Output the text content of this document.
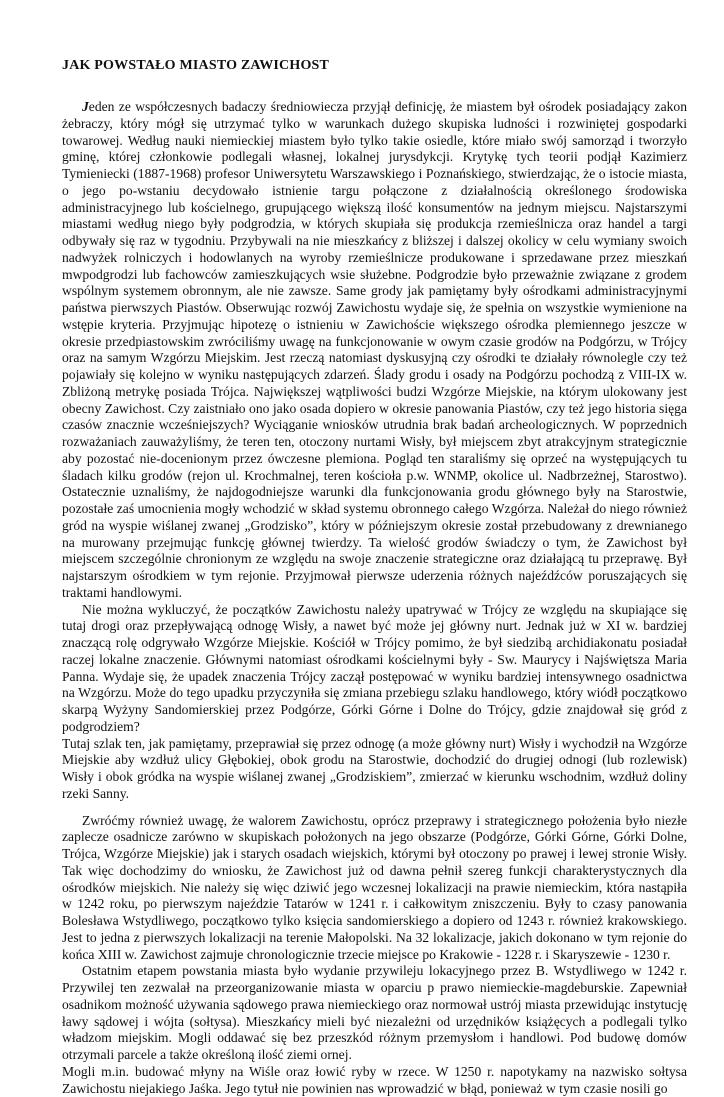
JAK POWSTAŁO MIASTO ZAWICHOST

Jeden ze współczesnych badaczy średniowiecza przyjął definicję, że miastem był ośrodek posiadający zakon żebraczy, który mógł się utrzymać tylko w warunkach dużego skupiska ludności i rozwiniętej gospodarki towarowej. Według nauki niemieckiej miastem było tylko takie osiedle, które miało swój samorząd i tworzyło gminę, której członkowie podlegali własnej, lokalnej jurysdykcji. Krytykę tych teorii podjął Kazimierz Tymieniecki (1887-1968) profesor Uniwersytetu Warszawskiego i Poznańskiego, stwierdzając, że o istocie miasta, o jego po-wstaniu decydowało istnienie targu połączone z działalnością określonego środowiska administracyjnego lub kościelnego, grupującego większą ilość konsumentów na jednym miejscu. Najstarszymi miastami według niego były podgrodzia, w których skupiała się produkcja rzemieślnicza oraz handel a targi odbywały się raz w tygodniu. Przybywali na nie mieszkańcy z bliższej i dalszej okolicy w celu wymiany swoich nadwyżek rolniczych i hodowlanych na wyroby rzemieślnicze produkowane i sprzedawane przez mieszkań mwpodgrodzi lub fachowców zamieszkujących wsie służebne. Podgrodzie było przeważnie związane z grodem wspólnym systemem obronnym, ale nie zawsze. Same grody jak pamiętamy były ośrodkami administracyjnymi państwa pierwszych Piastów. Obserwując rozwój Zawichostu wydaje się, że spełnia on wszystkie wymienione na wstępie kryteria. Przyjmując hipotezę o istnieniu w Zawichoście większego ośrodka plemiennego jeszcze w okresie przedpiastowskim zwróciliśmy uwagę na funkcjonowanie w owym czasie grodów na Podgórzu, w Trójcy oraz na samym Wzgórzu Miejskim. Jest rzeczą natomiast dyskusyjną czy ośrodki te działały równolegle czy też pojawiały się kolejno w wyniku następujących zdarzeń. Ślady grodu i osady na Podgórzu pochodzą z VIII-IX w. Zbliżoną metrykę posiada Trójca. Największej wątpliwości budzi Wzgórze Miejskie, na którym ulokowany jest obecny Zawichost. Czy zaistniało ono jako osada dopiero w okresie panowania Piastów, czy też jego historia sięga czasów znacznie wcześniejszych? Wyciąganie wniosków utrudnia brak badań archeologicznych. W poprzednich rozważaniach zauważyliśmy, że teren ten, otoczony nurtami Wisły, był miejscem zbyt atrakcyjnym strategicznie aby pozostać nie-docenionym przez ówczesne plemiona. Pogląd ten staraliśmy się oprzeć na występujących tu śladach kilku grodów (rejon ul. Krochmalnej, teren kościoła p.w. WNMP, okolice ul. Nadbrzeżnej, Starostwo). Ostatecznie uznaliśmy, że najdogodniejsze warunki dla funkcjonowania grodu głównego były na Starostwie, pozostałe zaś umocnienia mogły wchodzić w skład systemu obronnego całego Wzgórza. Należał do niego również gród na wyspie wiślanej zwanej „Grodzisko”, który w późniejszym okresie został przebudowany z drewnianego na murowany przejmując funkcję głównej twierdzy. Ta wielość grodów świadczy o tym, że Zawichost był miejscem szczególnie chronionym ze względu na swoje znaczenie strategiczne oraz działającą tu przeprawę. Był najstarszym ośrodkiem w tym rejonie. Przyjmował pierwsze uderzenia różnych najeźdźców poruszających się traktami handlowymi.

Nie można wykluczyć, że początków Zawichostu należy upatrywać w Trójcy ze względu na skupiające się tutaj drogi oraz przepływającą odnogę Wisły, a nawet być może jej główny nurt. Jednak już w XI w. bardziej znaczącą rolę odgrywało Wzgórze Miejskie. Kościół w Trójcy pomimo, że był siedzibą archidiakonatu posiadał raczej lokalne znaczenie. Głównymi natomiast ośrodkami kościelnymi były - Sw. Maurycy i Najświętsza Maria Panna. Wydaje się, że upadek znaczenia Trójcy zaczął postępować w wyniku bardziej intensywnego osadnictwa na Wzgórzu. Może do tego upadku przyczyniła się zmiana przebiegu szlaku handlowego, który wiódł początkowo skarpą Wyżyny Sandomierskiej przez Podgórze, Górki Górne i Dolne do Trójcy, gdzie znajdował się gród z podgrodziem?

Tutaj szlak ten, jak pamiętamy, przeprawiał się przez odnogę (a może główny nurt) Wisły i wychodził na Wzgórze Miejskie aby wzdłuż ulicy Głębokiej, obok grodu na Starostwie, dochodzić do drugiej odnogi (lub rozlewisk) Wisły i obok gródka na wyspie wiślanej zwanej „Grodziskiem”, zmierzać w kierunku wschodnim, wzdłuż doliny rzeki Sanny.

Zwróćmy również uwagę, że walorem Zawichostu, oprócz przeprawy i strategicznego położenia było niezłe zaplecze osadnicze zarówno w skupiskach położonych na jego obszarze (Podgórze, Górki Górne, Górki Dolne, Trójca, Wzgórze Miejskie) jak i starych osadach wiejskich, którymi był otoczony po prawej i lewej stronie Wisły. Tak więc dochodzimy do wniosku, że Zawichost już od dawna pełnił szereg funkcji charakterystycznych dla ośrodków miejskich. Nie należy się więc dziwić jego wczesnej lokalizacji na prawie niemieckim, która nastąpiła w 1242 roku, po pierwszym najeździe Tatarów w 1241 r. i całkowitym zniszczeniu. Były to czasy panowania Bolesława Wstydliwego, początkowo tylko księcia sandomierskiego a dopiero od 1243 r. również krakowskiego. Jest to jedna z pierwszych lokalizacji na terenie Małopolski. Na 32 lokalizacje, jakich dokonano w tym rejonie do końca XIII w. Zawichost zajmuje chronologicznie trzecie miejsce po Krakowie - 1228 r. i Skaryszewie - 1230 r.

Ostatnim etapem powstania miasta było wydanie przywileju lokacyjnego przez B. Wstydliwego w 1242 r. Przywilej ten zezwalał na przeorganizowanie miasta w oparciu p prawo niemieckie-magdeburskie. Zapewniał osadnikom możność używania sądowego prawa niemieckiego oraz normował ustrój miasta przewidując instytucję ławy sądowej i wójta (sołtysa). Mieszkańcy mieli być niezależni od urzędników książęcych a podlegali tylko władzom miejskim. Mogli oddawać się bez przeszkód różnym przemysłom i handlowi. Pod budowę domów otrzymali parcele a także określoną ilość ziemi ornej.

Mogli m.in. budować młyny na Wiśle oraz łowić ryby w rzece. W 1250 r. napotykamy na nazwisko sołtysa Zawichostu niejakiego Jaśka. Jego tytuł nie powinien nas wprowadzić w błąd, ponieważ w tym czasie nosili go
